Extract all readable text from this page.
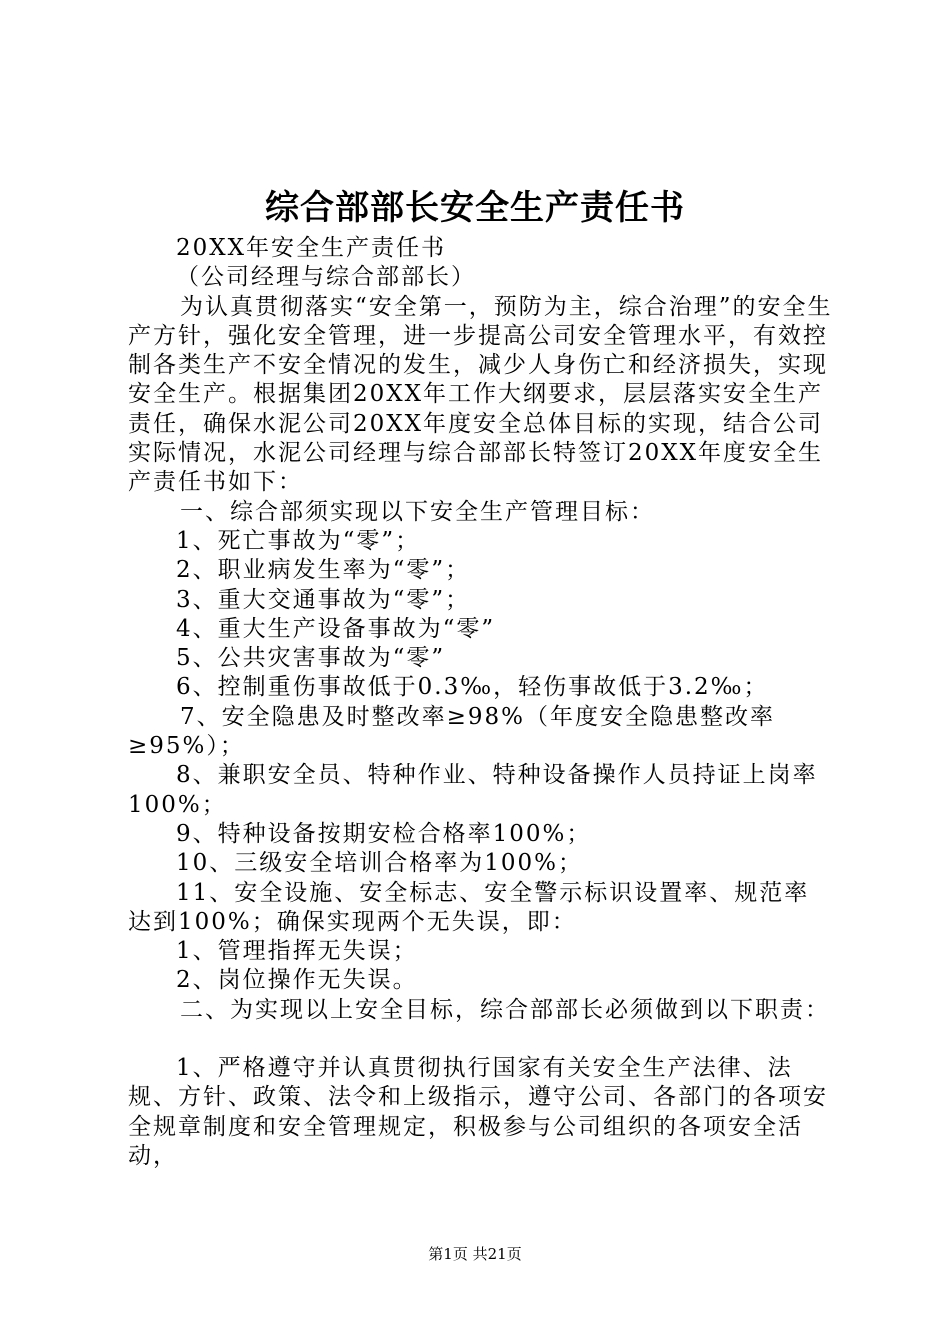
综合部部长安全生产责任书

20XX年安全生产责任书

（公司经理与综合部部长）

为认真贯彻落实“安全第一，预防为主，综合治理”的安全生产方针，强化安全管理，进一步提高公司安全管理水平，有效控制各类生产不安全情况的发生，减少人身伤亡和经济损失，实现安全生产。根据集团20XX年工作大纲要求，层层落实安全生产责任，确保水泥公司20XX年度安全总体目标的实现，结合公司实际情况，水泥公司经理与综合部部长特签订20XX年度安全生产责任书如下：

一、综合部须实现以下安全生产管理目标：

1、死亡事故为“零”；

2、职业病发生率为“零”；

3、重大交通事故为“零”；

4、重大生产设备事故为“零”

5、公共灾害事故为“零”

6、控制重伤事故低于0.3‰，轻伤事故低于3.2‰；

7、安全隐患及时整改率≥98%（年度安全隐患整改率≥95%）；

8、兼职安全员、特种作业、特种设备操作人员持证上岗率100%；

9、特种设备按期安检合格率100%；

10、三级安全培训合格率为100%；

11、安全设施、安全标志、安全警示标识设置率、规范率达到100%；确保实现两个无失误，即：

1、管理指挥无失误；

2、岗位操作无失误。

二、为实现以上安全目标，综合部部长必须做到以下职责：

1、严格遵守并认真贯彻执行国家有关安全生产法律、法规、方针、政策、法令和上级指示，遵守公司、各部门的各项安全规章制度和安全管理规定，积极参与公司组织的各项安全活动，

第1页 共21页
